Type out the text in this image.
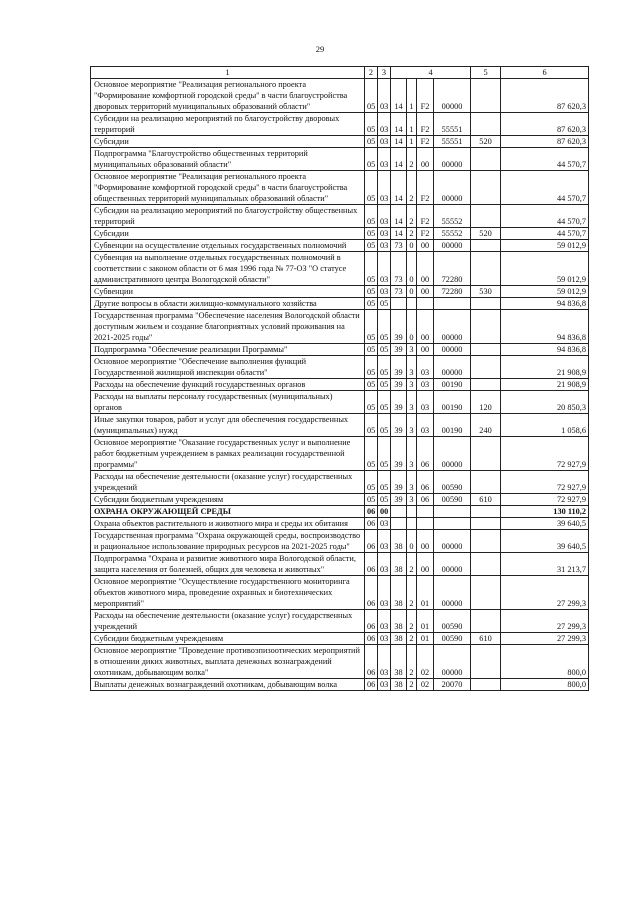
29
1	2	3	4				5	6
Основное мероприятие "Реализация регионального проекта "Формирование комфортной городской среды" в части благоустройства дворовых территорий муниципальных образований области"	05	03	14	1	F2	00000		87 620,3
Субсидии на реализацию мероприятий по благоустройству дворовых территорий	05	03	14	1	F2	55551		87 620,3
Субсидии	05	03	14	1	F2	55551	520	87 620,3
Подпрограмма "Благоустройство общественных территорий муниципальных образований области"	05	03	14	2	00	00000		44 570,7
Основное мероприятие "Реализация регионального проекта "Формирование комфортной городской среды" в части благоустройства общественных территорий муниципальных образований области"	05	03	14	2	F2	00000		44 570,7
Субсидии на реализацию мероприятий по благоустройству общественных территорий	05	03	14	2	F2	55552		44 570,7
Субсидии	05	03	14	2	F2	55552	520	44 570,7
Субвенции на осуществление отдельных государственных полномочий	05	03	73	0	00	00000		59 012,9
Субвенция на выполнение отдельных государственных полномочий в соответствии с законом области от 6 мая 1996 года № 77-ОЗ "О статусе административного центра Вологодской области"	05	03	73	0	00	72280		59 012,9
Субвенции	05	03	73	0	00	72280	530	59 012,9
Другие вопросы в области жилищно-коммунального хозяйства	05	05						94 836,8
Государственная программа "Обеспечение населения Вологодской области доступным жильем и создание благоприятных условий проживания на 2021-2025 годы"	05	05	39	0	00	00000		94 836,8
Подпрограмма "Обеспечение реализации Программы"	05	05	39	3	00	00000		94 836,8
Основное мероприятие "Обеспечение выполнения функций Государственной жилищной инспекции области"	05	05	39	3	03	00000		21 908,9
Расходы на обеспечение функций государственных органов	05	05	39	3	03	00190		21 908,9
Расходы на выплаты персоналу государственных (муниципальных) органов	05	05	39	3	03	00190	120	20 850,3
Иные закупки товаров, работ и услуг для обеспечения государственных (муниципальных) нужд	05	05	39	3	03	00190	240	1 058,6
Основное мероприятие "Оказание государственных услуг и выполнение работ бюджетным учреждением в рамках реализации государственной программы"	05	05	39	3	06	00000		72 927,9
Расходы на обеспечение деятельности (оказание услуг) государственных учреждений	05	05	39	3	06	00590		72 927,9
Субсидии бюджетным учреждениям	05	05	39	3	06	00590	610	72 927,9
ОХРАНА ОКРУЖАЮЩЕЙ СРЕДЫ	06	00						130 110,2
Охрана объектов растительного и животного мира и среды их обитания	06	03						39 640,5
Государственная программа "Охрана окружающей среды, воспроизводство и рациональное использование природных ресурсов на 2021-2025 годы"	06	03	38	0	00	00000		39 640,5
Подпрограмма "Охрана и развитие животного мира Вологодской области, защита населения от болезней, общих для человека и животных"	06	03	38	2	00	00000		31 213,7
Основное мероприятие "Осуществление государственного мониторинга объектов животного мира, проведение охранных и биотехнических мероприятий"	06	03	38	2	01	00000		27 299,3
Расходы на обеспечение деятельности (оказание услуг) государственных учреждений	06	03	38	2	01	00590		27 299,3
Субсидии бюджетным учреждениям	06	03	38	2	01	00590	610	27 299,3
Основное мероприятие "Проведение противоэпизоотических мероприятий в отношении диких животных, выплата денежных вознаграждений охотникам, добывающим волка"	06	03	38	2	02	00000		800,0
Выплаты денежных вознаграждений охотникам, добывающим волка	06	03	38	2	02	20070		800,0
